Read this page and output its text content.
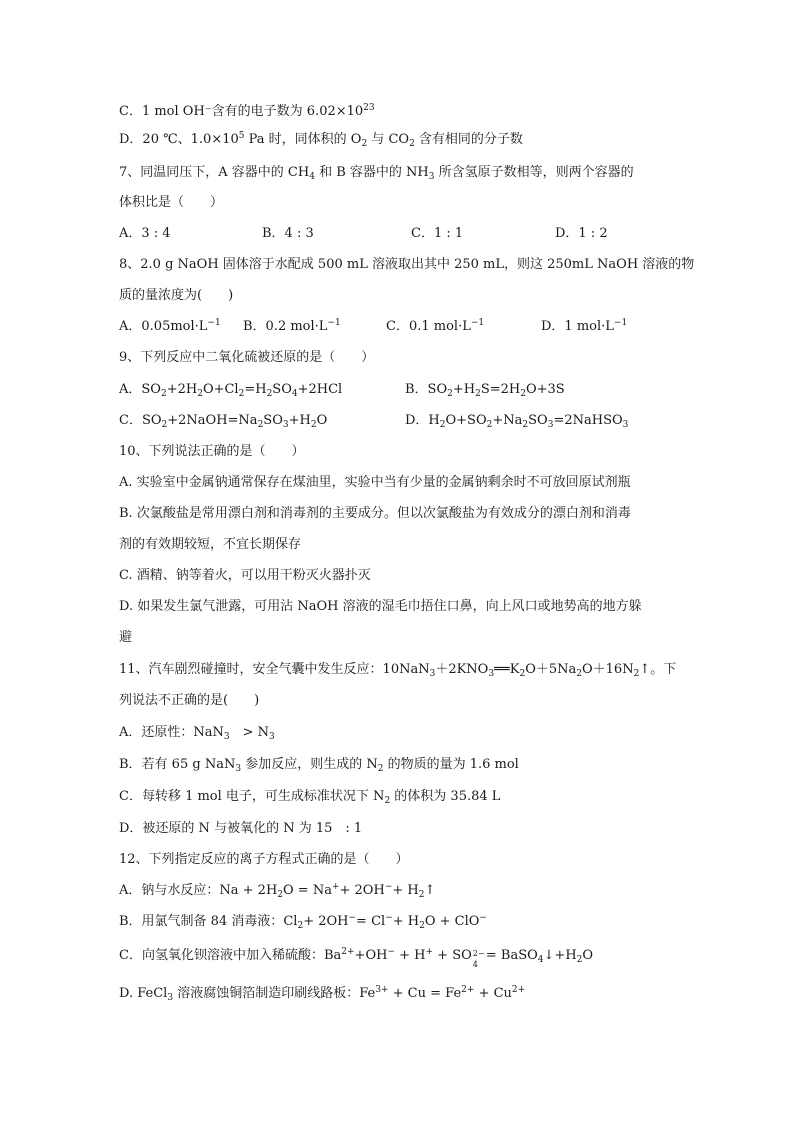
C．1 mol OH⁻含有的电子数为 $6.02\times 10^{23}$
D．20 ℃、$1.0\times 10^5$ Pa 时，同体积的 $O_2$ 与 $CO_2$ 含有相同的分子数
7、同温同压下，A 容器中的 $CH_4$ 和 B 容器中的 $NH_3$ 所含氢原子数相等，则两个容器的
体积比是（　　）
A．3 : 4	B．4 : 3	C．1 : 1	D．1 : 2
8、2.0 g NaOH 固体溶于水配成 500 mL 溶液取出其中 250 mL，则这 250mL NaOH 溶液的物
质的量浓度为(　　)
A．$0.05mol\cdot L^{-1}$ B．0.2 $mol\cdot L^{-1}$	C．0.1 $mol\cdot L^{-1}$	D．1 $mol\cdot L^{-1}$
9、下列反应中二氧化硫被还原的是（　　）
A．$SO_2+2H_2O+Cl_2=H_2SO_4+2HCl$	B．$SO_2+H_2S=2H_2O+3S$
C．$SO_2+2NaOH=Na_2SO_3+H_2O$	D．$H_2O+SO_2+Na_2SO_3=2NaHSO_3$
10、下列说法正确的是（　　）
A. 实验室中金属钠通常保存在煤油里，实验中当有少量的金属钠剩余时不可放回原试剂瓶
B. 次氯酸盐是常用漂白剂和消毒剂的主要成分。但以次氯酸盐为有效成分的漂白剂和消毒
剂的有效期较短，不宜长期保存
C. 酒精、钠等着火，可以用干粉灭火器扑灭
D. 如果发生氯气泄露，可用沾 NaOH 溶液的湿毛巾捂住口鼻，向上风口或地势高的地方躲
避
11、汽车剧烈碰撞时，安全气囊中发生反应：$10NaN_3+2KNO_3══K_2O+5Na_2O+16N_2↑$。下
列说法不正确的是(　　)
A．还原性：NaN$_3$　> $N_3$
B．若有 65 g NaN$_3$ 参加反应，则生成的 $N_2$ 的物质的量为 1.6 mol
C．每转移 1 mol 电子，可生成标准状况下 $N_2$ 的体积为 35.84 L
D．被还原的 N 与被氧化的 N 为 15　: 1
12、下列指定反应的离子方程式正确的是（　　）
A．钠与水反应：$Na + 2H_2O = Na^++ 2OH^-+$ $H_2↑$
B．用氯气制备 84 消毒液：$Cl_2+ 2OH^-= Cl^-+ H_2O + ClO^-$
C．向氢氧化钡溶液中加入稀硫酸：$Ba^{2+}+OH^- + H^+$ + SO 2−
4
= $BaSO_4↓+H_2O$
D. FeCl$_3$ 溶液腐蚀铜箔制造印刷线路板：$Fe^{3+} + Cu = Fe^{2+} + Cu^{2+}$
